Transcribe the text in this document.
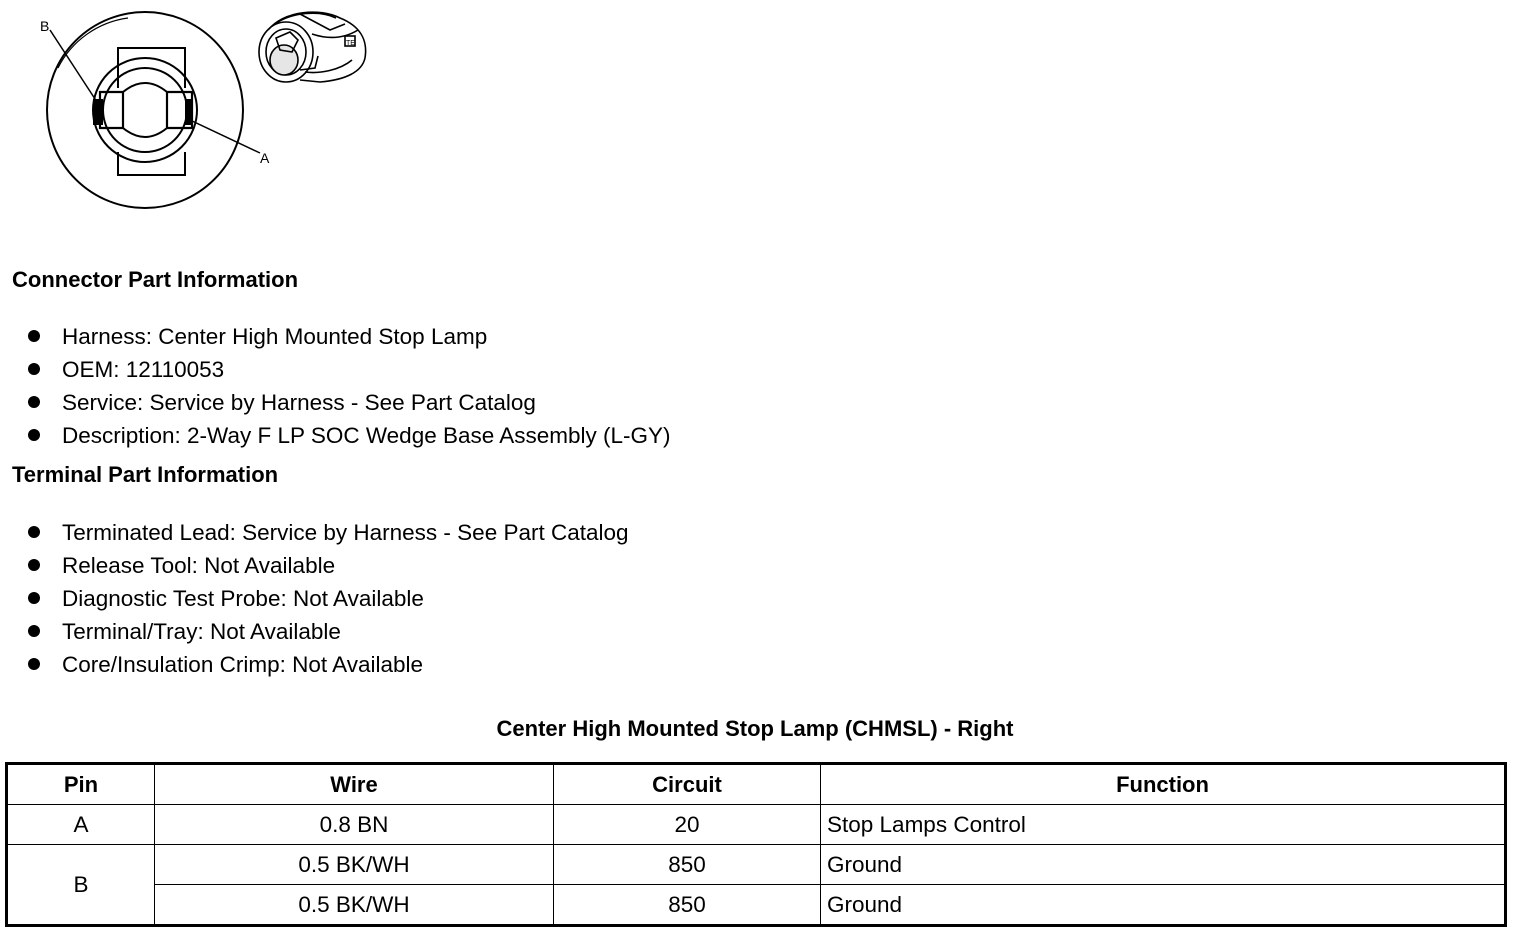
B
A
TE
Connector Part Information
Harness: Center High Mounted Stop Lamp
OEM: 12110053
Service: Service by Harness - See Part Catalog
Description: 2-Way F LP SOC Wedge Base Assembly (L-GY)
Terminal Part Information
Terminated Lead: Service by Harness - See Part Catalog
Release Tool: Not Available
Diagnostic Test Probe: Not Available
Terminal/Tray: Not Available
Core/Insulation Crimp: Not Available
Center High Mounted Stop Lamp (CHMSL) - Right
Pin	Wire	Circuit	Function
A	0.8 BN	20	Stop Lamps Control
B	0.5 BK/WH	850	Ground
	0.5 BK/WH	850	Ground
